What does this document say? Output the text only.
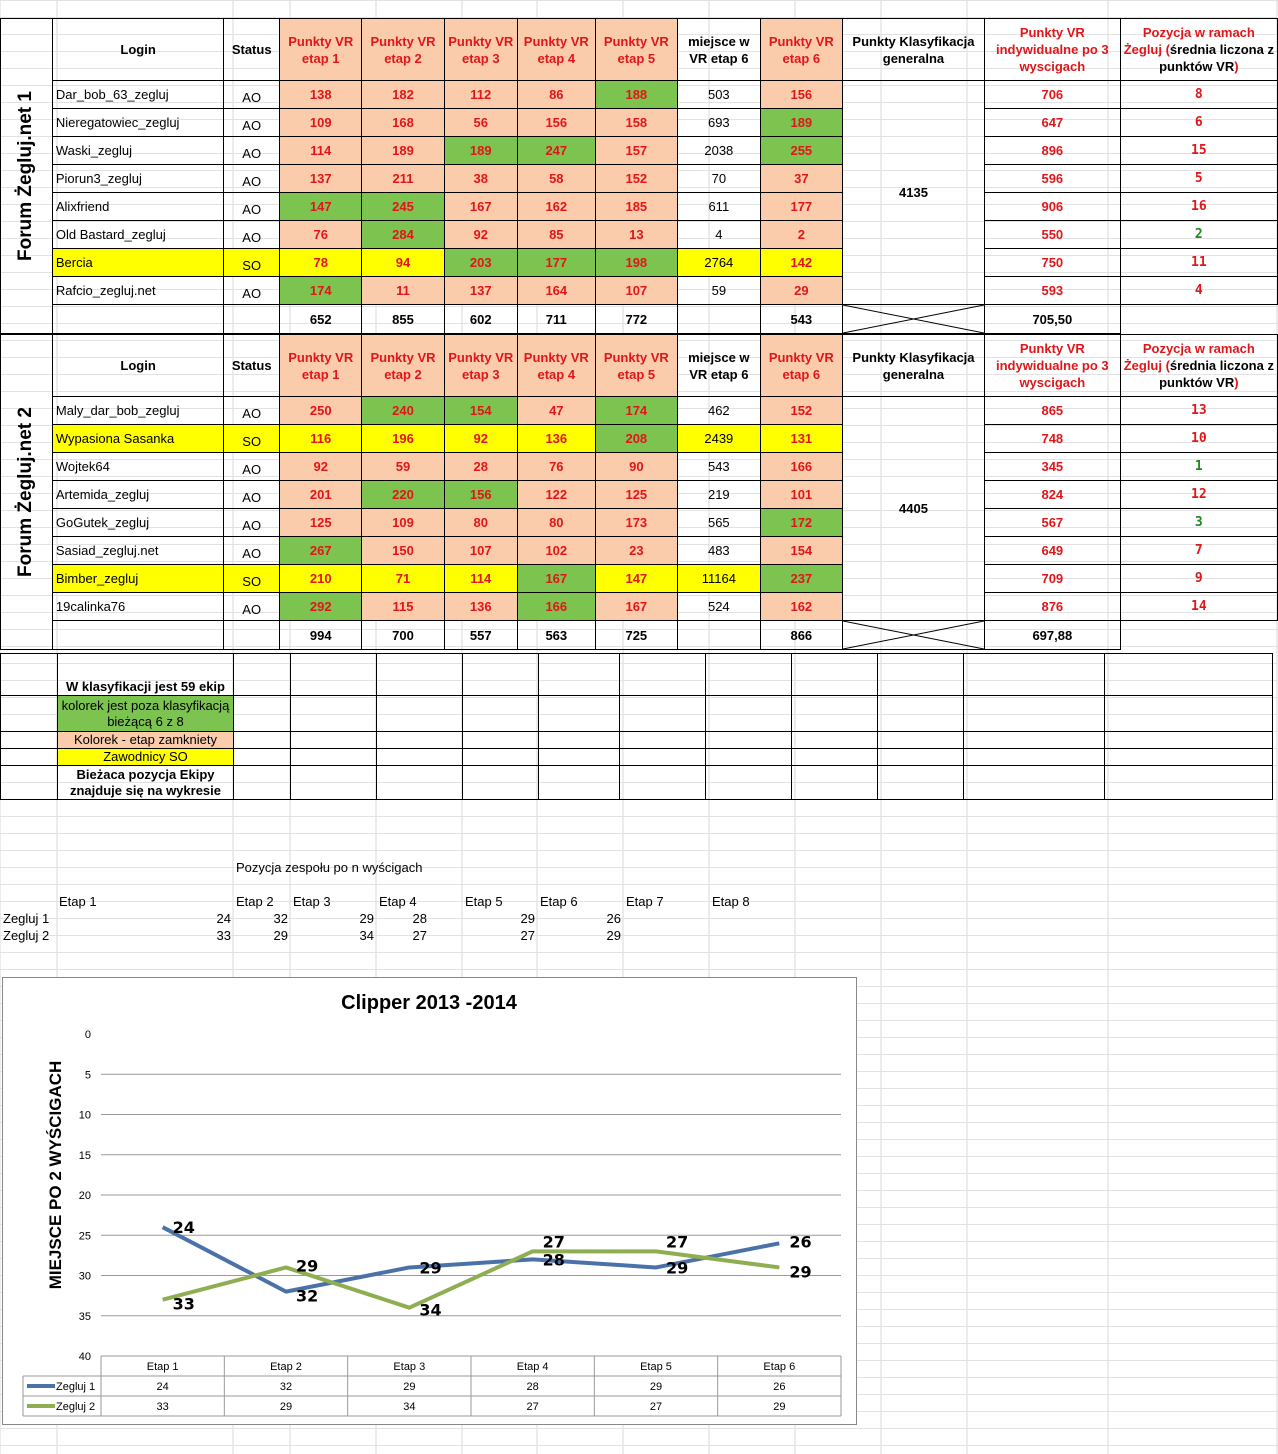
Forum Żegluj.net 1	Login	Status	Punkty VR etap 1	Punkty VR etap 2	Punkty VR etap 3	Punkty VR etap 4	Punkty VR etap 5	miejsce w VR etap 6	Punkty VR etap 6	Punkty Klasyfikacja generalna	Punkty VR indywidualne po 3 wyscigach	Pozycja w ramach Żegluj (średnia liczona z punktów VR)
	Dar_bob_63_zegluj	AO	138	182	112	86	188	503	156	4135	706	8
	Nieregatowiec_zegluj	AO	109	168	56	156	158	693	189		647	6
	Waski_zegluj	AO	114	189	189	247	157	2038	255		896	15
	Piorun3_zegluj	AO	137	211	38	58	152	70	37		596	5
	Alixfriend	AO	147	245	167	162	185	611	177		906	16
	Old Bastard_zegluj	AO	76	284	92	85	13	4	2		550	2
	Bercia	SO	78	94	203	177	198	2764	142		750	11
	Rafcio_zegluj.net	AO	174	11	137	164	107	59	29		593	4
			652	855	602	711	772		543		705,50	
Forum Żegluj.net 2	Login	Status	Punkty VR etap 1	Punkty VR etap 2	Punkty VR etap 3	Punkty VR etap 4	Punkty VR etap 5	miejsce w VR etap 6	Punkty VR etap 6	Punkty Klasyfikacja generalna	Punkty VR indywidualne po 3 wyscigach	Pozycja w ramach Żegluj (średnia liczona z punktów VR)
	Maly_dar_bob_zegluj	AO	250	240	154	47	174	462	152	4405	865	13
	Wypasiona Sasanka	SO	116	196	92	136	208	2439	131		748	10
	Wojtek64	AO	92	59	28	76	90	543	166		345	1
	Artemida_zegluj	AO	201	220	156	122	125	219	101		824	12
	GoGutek_zegluj	AO	125	109	80	80	173	565	172		567	3
	Sasiad_zegluj.net	AO	267	150	107	102	23	483	154		649	7
	Bimber_zegluj	SO	210	71	114	167	147	11164	237		709	9
	19calinka76	AO	292	115	136	166	167	524	162		876	14
			994	700	557	563	725		866		697,88	
	W klasyfikacji jest 59 ekip											
	kolorek jest poza klasyfikacją bieżącą 6 z 8											
	Kolorek - etap zamkniety											
	Zawodnicy SO											
	Bieżaca pozycja Ekipy znajduje się na wykresie											
Pozycja zespołu po n wyścigach
Etap 1	Etap 2 Etap 3	Etap 4	Etap 5	Etap 6	Etap 7	Etap 8
Zegluj 1	24	32	29	28	29	26
Zegluj 2	33	29	34	27	27	29
Clipper 2013 -2014
MIEJSCE PO 2 WYŚCIGACH
0
5
10
15
20
25
30
35
40
Etap 1	Etap 2	Etap 3	Etap 4	Etap 5	Etap 6
Zegluj 1	24	32	29	28	29	26
Zegluj 2	33	29	34	27	27	29
24
32
29	28	29
26
33
29
34
27	27
29
